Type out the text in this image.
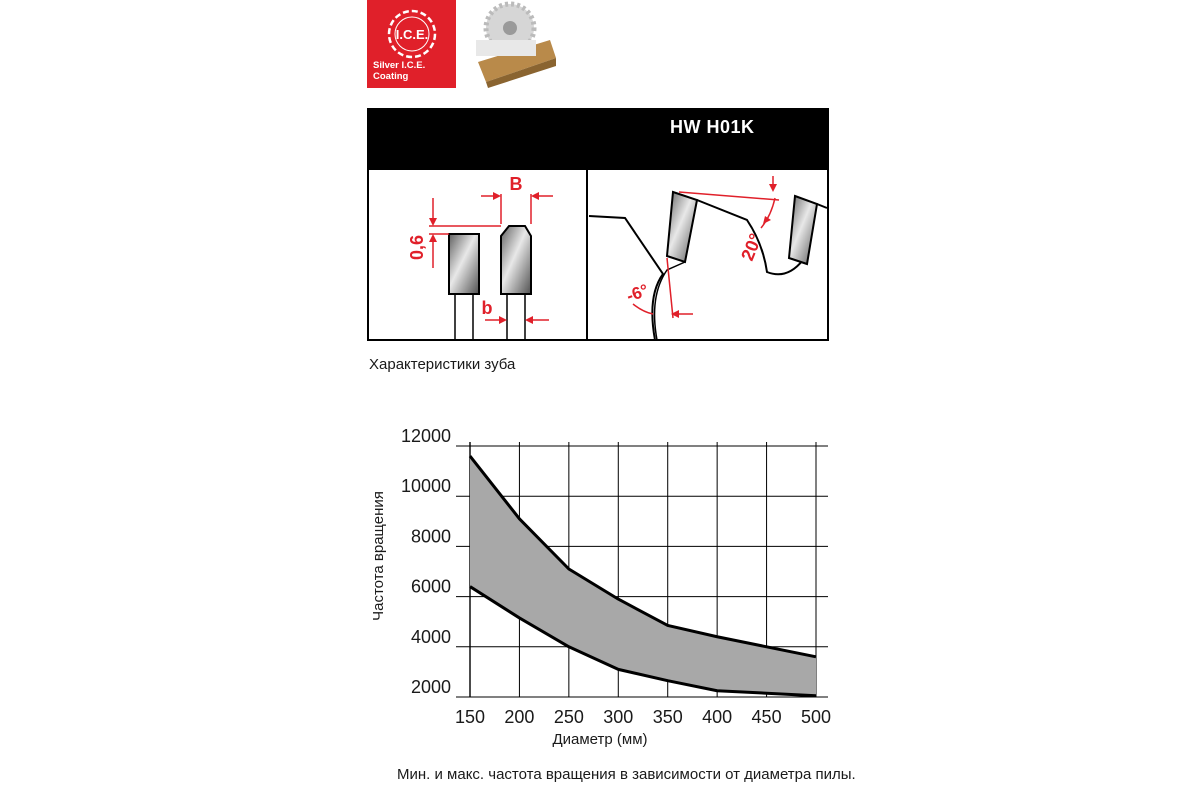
I.C.E.
Silver I.C.E.
Coating
HW H01K
B
b
0,6	20°
-6°
Характеристики зуба
2000
4000
6000
8000
10000
12000
150 200 250 300 350 400 450 500
Частота вращения
Диаметр (мм)
Мин. и макс. частота вращения в зависимости от диаметра пилы.
